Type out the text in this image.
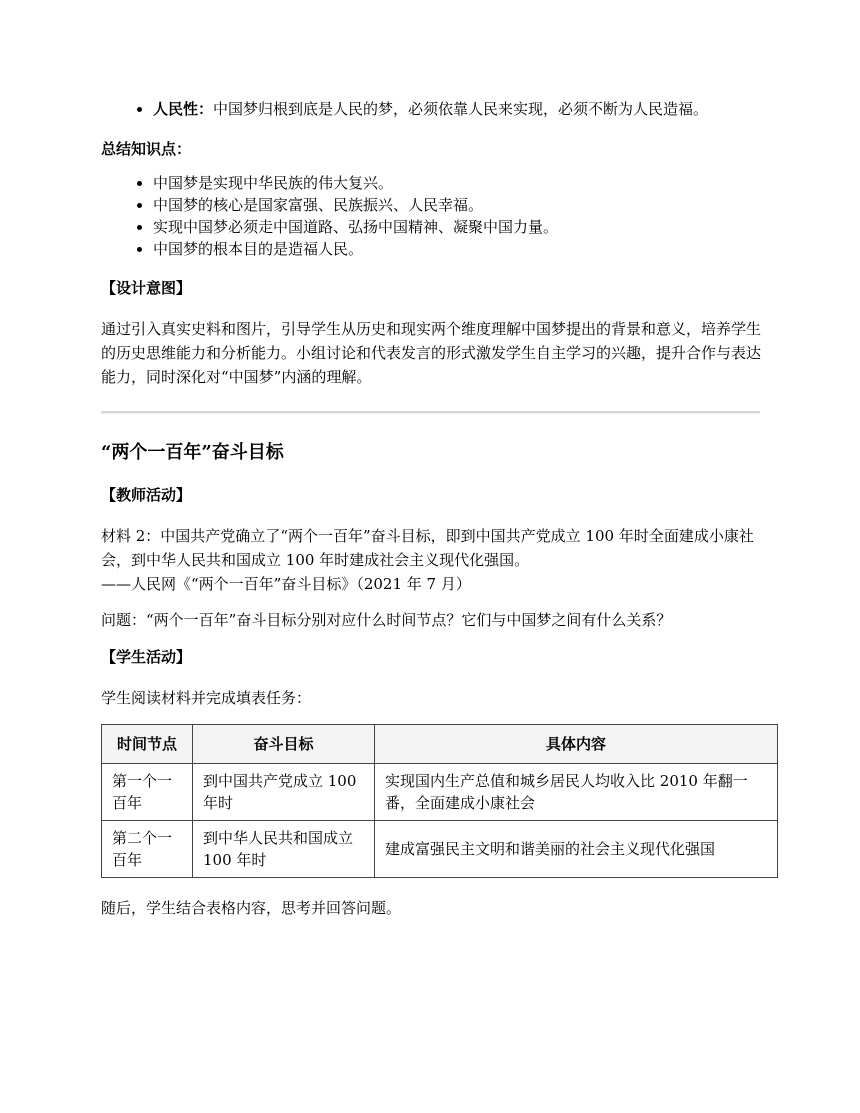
• 人民性：中国梦归根到底是人民的梦，必须依靠人民来实现，必须不断为人民造福。
总结知识点：
• 中国梦是实现中华民族的伟大复兴。
• 中国梦的核心是国家富强、民族振兴、人民幸福。
• 实现中国梦必须走中国道路、弘扬中国精神、凝聚中国力量。
• 中国梦的根本目的是造福人民。
【设计意图】

通过引入真实史料和图片，引导学生从历史和现实两个维度理解中国梦提出的背景和意义，培养学生的历史思维能力和分析能力。小组讨论和代表发言的形式激发学生自主学习的兴趣，提升合作与表达能力，同时深化对“中国梦”内涵的理解。

“两个一百年”奋斗目标
【教师活动】

材料 2：中国共产党确立了“两个一百年”奋斗目标，即到中国共产党成立 100 年时全面建成小康社会，到中华人民共和国成立 100 年时建成社会主义现代化强国。

——人民网《“两个一百年”奋斗目标》（2021 年 7 月）

问题：“两个一百年”奋斗目标分别对应什么时间节点？它们与中国梦之间有什么关系？

【学生活动】

学生阅读材料并完成填表任务：

时间节点	奋斗目标	具体内容
第一个一百年	到中国共产党成立 100 年时	实现国内生产总值和城乡居民人均收入比 2010 年翻一番，全面建成小康社会
第二个一百年	到中华人民共和国成立 100 年时	建成富强民主文明和谐美丽的社会主义现代化强国

随后，学生结合表格内容，思考并回答问题。
